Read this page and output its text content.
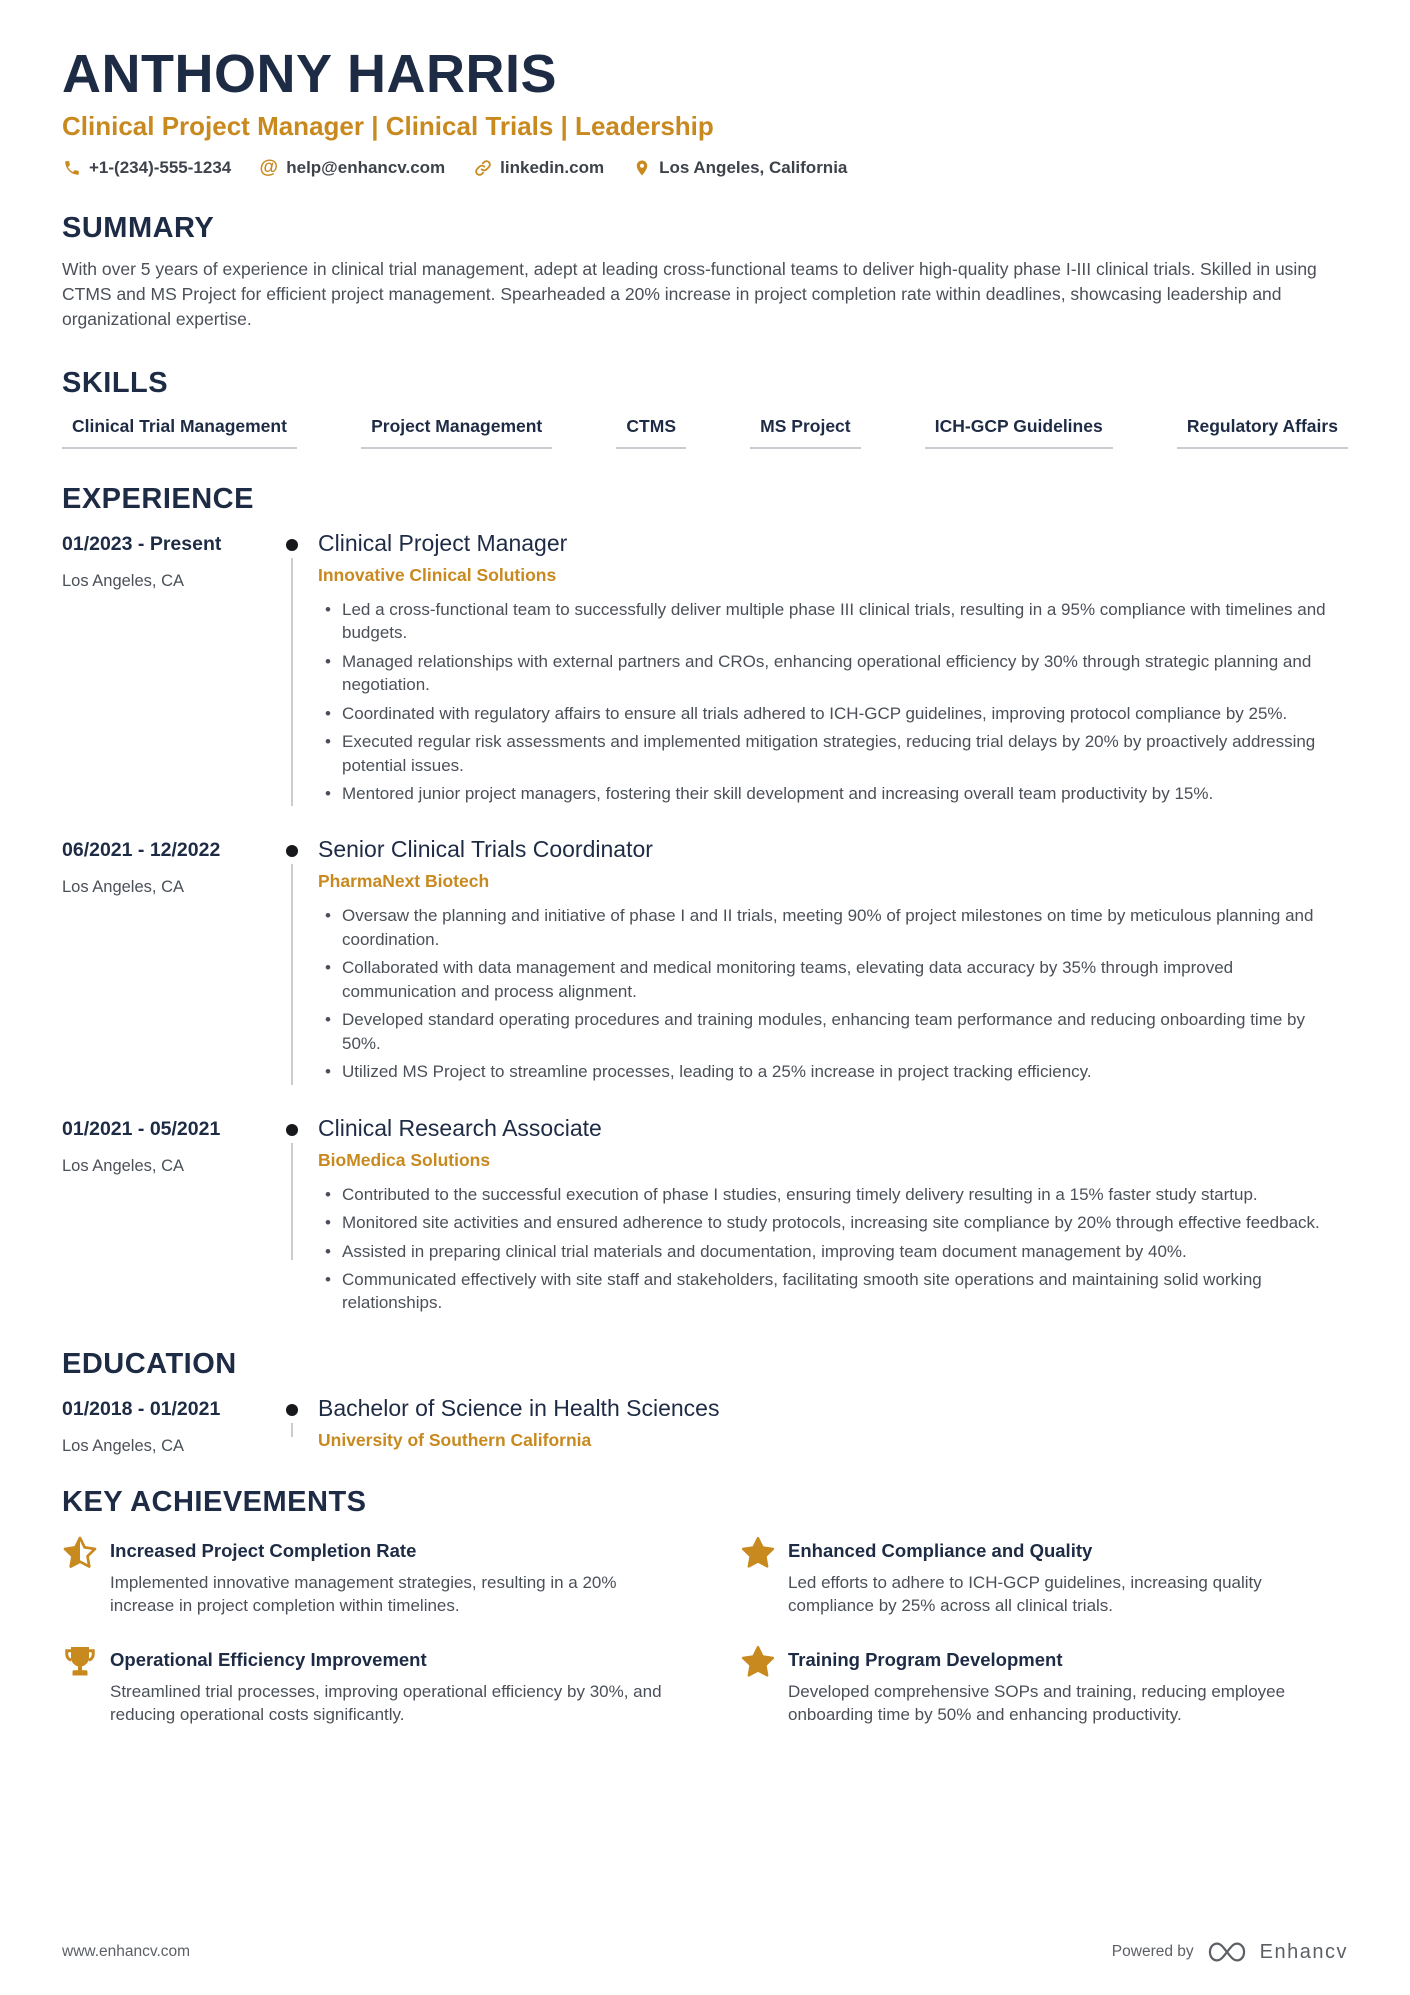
ANTHONY HARRIS
Clinical Project Manager | Clinical Trials | Leadership
+1-(234)-555-1234 @ help@enhancv.com	linkedin.com	Los Angeles, California
SUMMARY

With over 5 years of experience in clinical trial management, adept at leading cross-functional teams to deliver high-quality phase I-III clinical trials. Skilled in using CTMS and MS Project for efficient project management. Spearheaded a 20% increase in project completion rate within deadlines, showcasing leadership and organizational expertise.

SKILLS
Clinical Trial Management	Project Management	CTMS	MS Project	ICH-GCP Guidelines	Regulatory Affairs
EXPERIENCE
01/2023 - Present
Los Angeles, CA
Clinical Project Manager
Innovative Clinical Solutions
• Led a cross-functional team to successfully deliver multiple phase III clinical trials, resulting in a 95% compliance with timelines and budgets.
• Managed relationships with external partners and CROs, enhancing operational efficiency by 30% through strategic planning and negotiation.
• Coordinated with regulatory affairs to ensure all trials adhered to ICH-GCP guidelines, improving protocol compliance by 25%.
• Executed regular risk assessments and implemented mitigation strategies, reducing trial delays by 20% by proactively addressing potential issues.
• Mentored junior project managers, fostering their skill development and increasing overall team productivity by 15%.
06/2021 - 12/2022
Los Angeles, CA
Senior Clinical Trials Coordinator
PharmaNext Biotech
• Oversaw the planning and initiative of phase I and II trials, meeting 90% of project milestones on time by meticulous planning and coordination.
• Collaborated with data management and medical monitoring teams, elevating data accuracy by 35% through improved communication and process alignment.
• Developed standard operating procedures and training modules, enhancing team performance and reducing onboarding time by 50%.
• Utilized MS Project to streamline processes, leading to a 25% increase in project tracking efficiency.
01/2021 - 05/2021
Los Angeles, CA
Clinical Research Associate
BioMedica Solutions
• Contributed to the successful execution of phase I studies, ensuring timely delivery resulting in a 15% faster study startup.
• Monitored site activities and ensured adherence to study protocols, increasing site compliance by 20% through effective feedback.
• Assisted in preparing clinical trial materials and documentation, improving team document management by 40%.
• Communicated effectively with site staff and stakeholders, facilitating smooth site operations and maintaining solid working relationships.
EDUCATION
01/2018 - 01/2021
Los Angeles, CA
Bachelor of Science in Health Sciences
University of Southern California
KEY ACHIEVEMENTS
Increased Project Completion Rate

Implemented innovative management strategies, resulting in a 20% increase in project completion within timelines.

Enhanced Compliance and Quality

Led efforts to adhere to ICH-GCP guidelines, increasing quality compliance by 25% across all clinical trials.

Operational Efficiency Improvement

Streamlined trial processes, improving operational efficiency by 30%, and reducing operational costs significantly.

Training Program Development

Developed comprehensive SOPs and training, reducing employee onboarding time by 50% and enhancing productivity.

www.enhancv.com	Powered by	Enhancv
